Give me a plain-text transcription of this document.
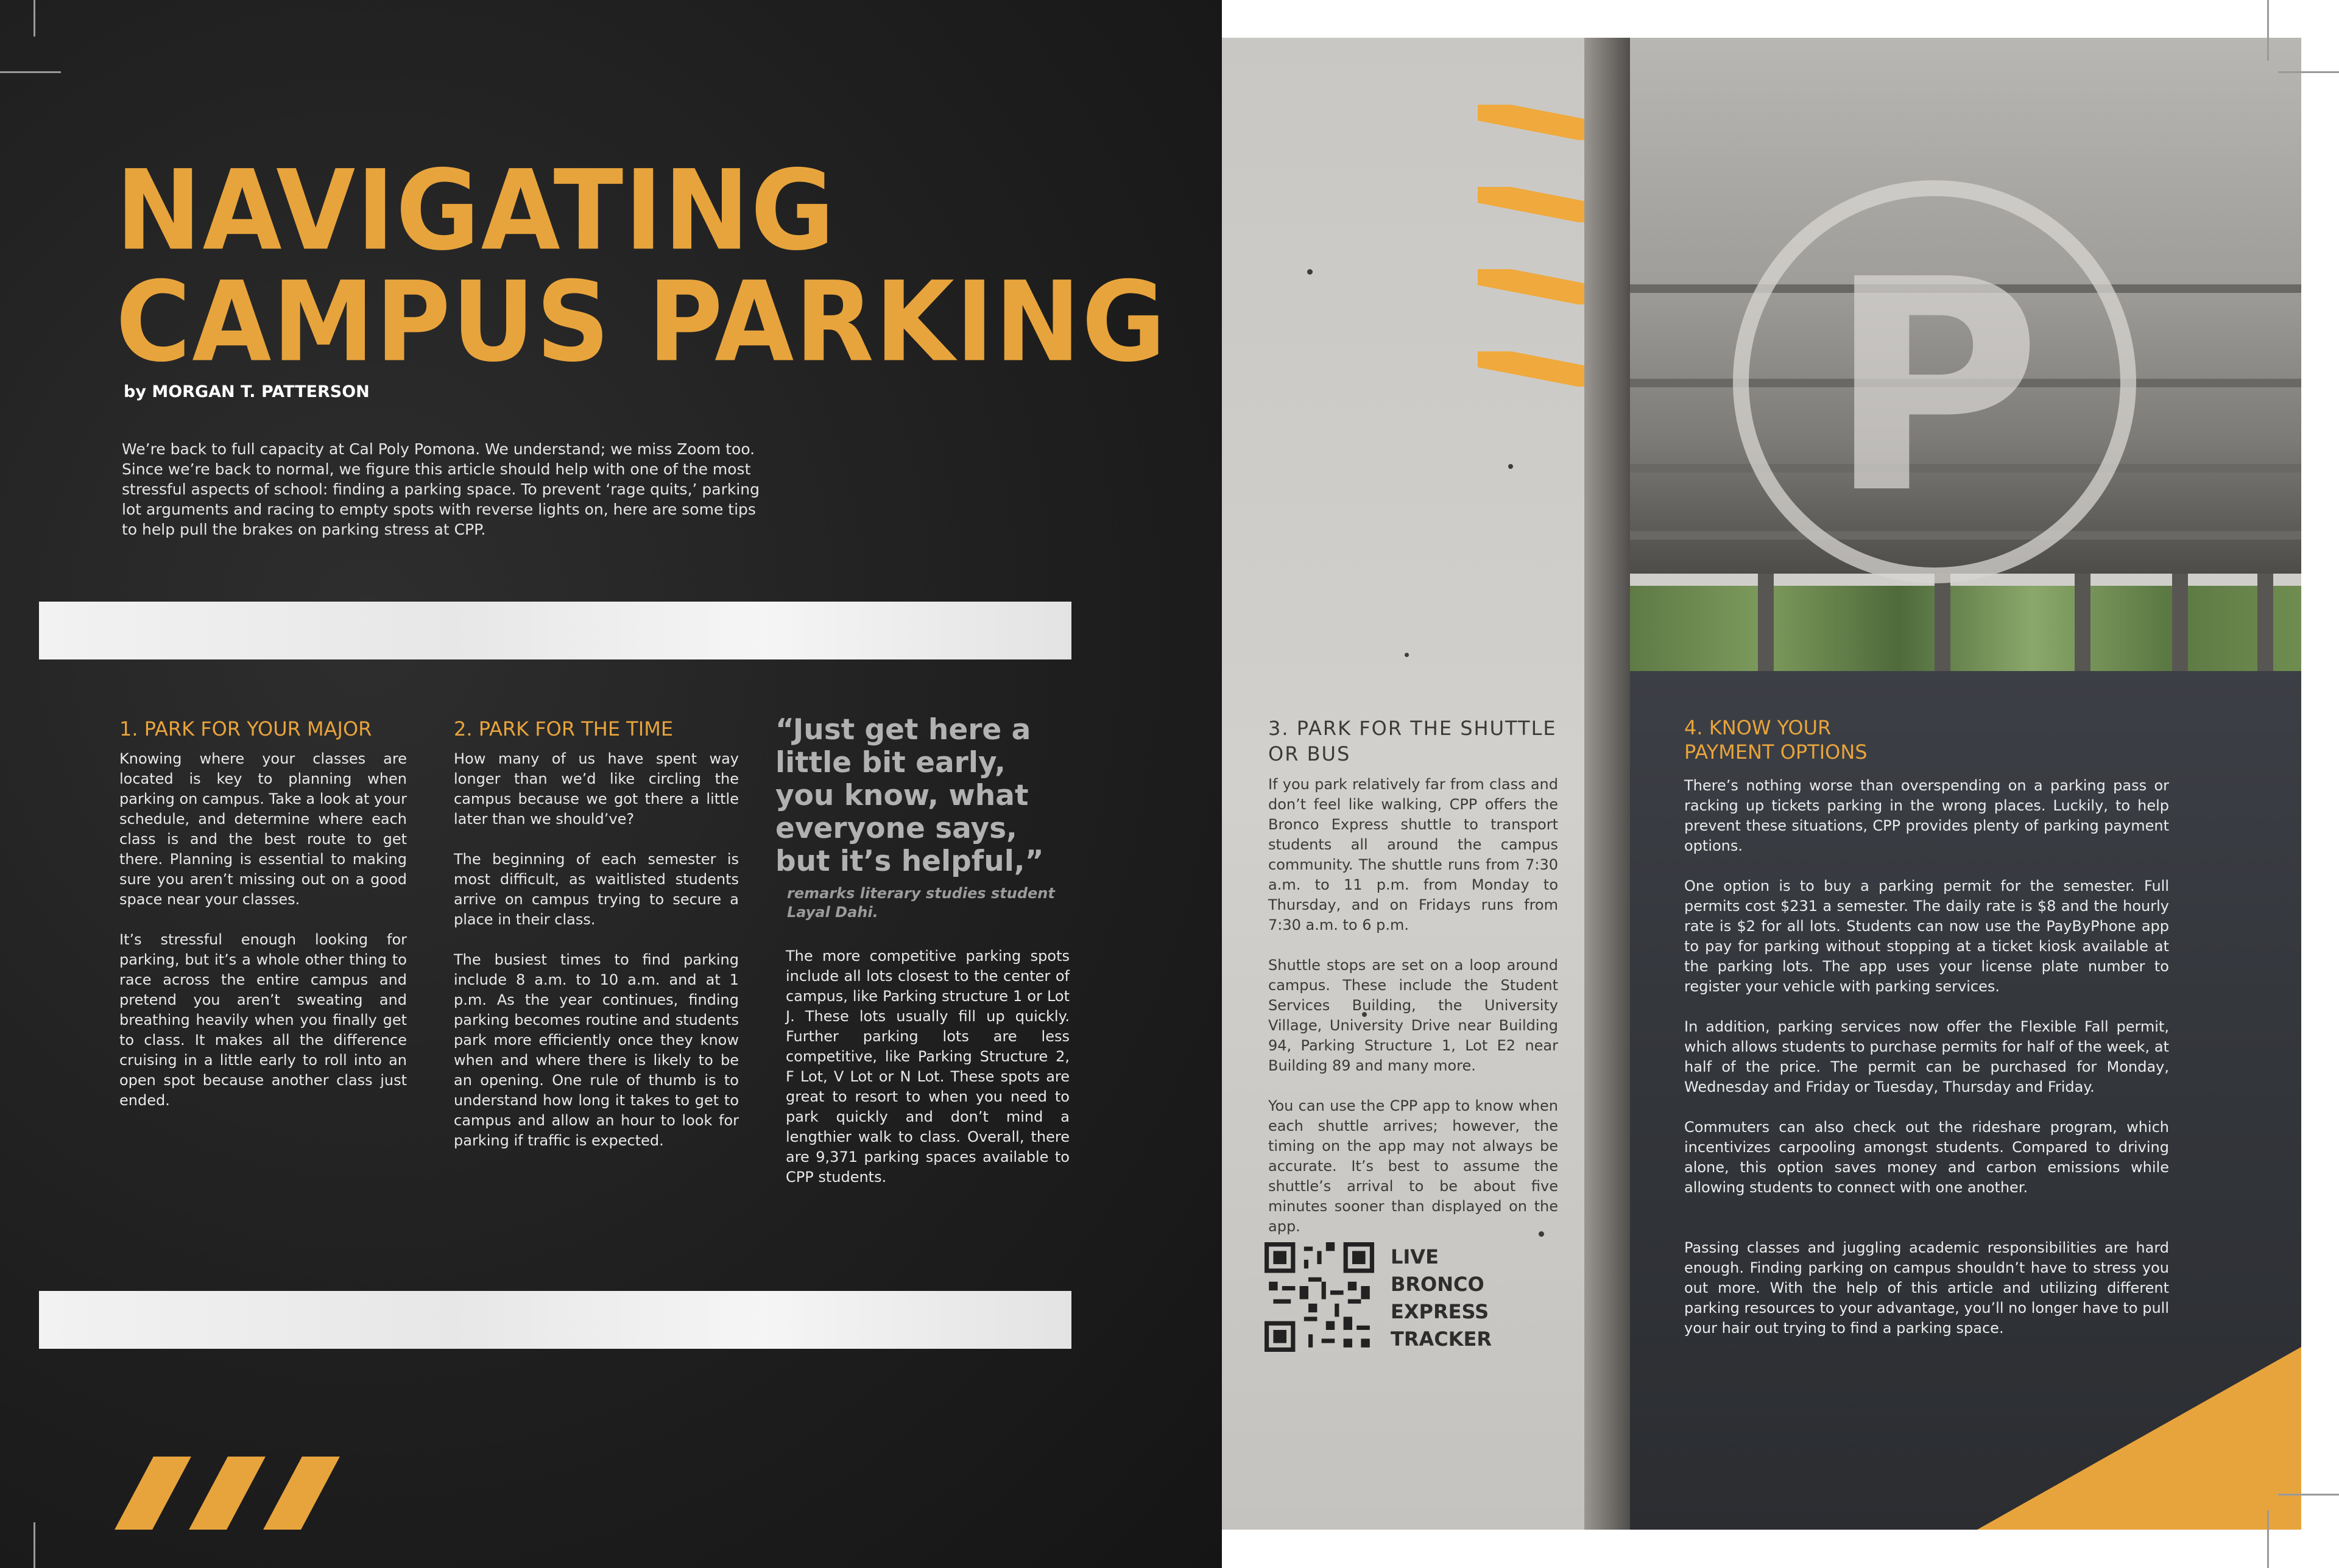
NAVIGATING
CAMPUS PARKING
by MORGAN T. PATTERSON
We’re back to full capacity at Cal Poly Pomona. We understand; we miss Zoom too. Since we’re back to normal, we figure this article should help with one of the most stressful aspects of school: finding a parking space. To prevent ‘rage quits,’ parking lot arguments and racing to empty spots with reverse lights on, here are some tips to help pull the brakes on parking stress at CPP.
1. PARK FOR YOUR MAJOR

Knowing where your classes are located is key to planning when parking on campus. Take a look at your schedule, and determine where each class is and the best route to get there. Planning is essential to making sure you aren’t missing out on a good space near your classes.

It’s stressful enough looking for parking, but it’s a whole other thing to race across the entire campus and pretend you aren’t sweating and breathing heavily when you finally get to class. It makes all the difference cruising in a little early to roll into an open spot because another class just ended.

2. PARK FOR THE TIME

How many of us have spent way longer than we’d like circling the campus because we got there a little later than we should’ve?

The beginning of each semester is most difficult, as waitlisted students arrive on campus trying to secure a place in their class.

The busiest times to find parking include 8 a.m. to 10 a.m. and at 1 p.m. As the year continues, finding parking becomes routine and students park more efficiently once they know when and where there is likely to be an opening. One rule of thumb is to understand how long it takes to get to campus and allow an hour to look for parking if traffic is expected.

“Just get here a little bit early, you know, what everyone says, but it’s helpful,”
remarks literary studies student Layal Dahi.

The more competitive parking spots include all lots closest to the center of campus, like Parking structure 1 or Lot J. These lots usually fill up quickly. Further parking lots are less competitive, like Parking Structure 2, F Lot, V Lot or N Lot. These spots are great to resort to when you need to park quickly and don’t mind a lengthier walk to class. Overall, there are 9,371 parking spaces available to CPP students.

P
3. PARK FOR THE SHUTTLE OR BUS

If you park relatively far from class and don’t feel like walking, CPP offers the Bronco Express shuttle to transport students all around the campus community. The shuttle runs from 7:30 a.m. to 11 p.m. from Monday to Thursday, and on Fridays runs from 7:30 a.m. to 6 p.m.

Shuttle stops are set on a loop around campus. These include the Student Services Building, the University Village, University Drive near Building 94, Parking Structure 1, Lot E2 near Building 89 and many more.

You can use the CPP app to know when each shuttle arrives; however, the timing on the app may not always be accurate. It’s best to assume the shuttle’s arrival to be about five minutes sooner than displayed on the app.

LIVE
BRONCO
EXPRESS
TRACKER
4. KNOW YOUR
PAYMENT OPTIONS

There’s nothing worse than overspending on a parking pass or racking up tickets parking in the wrong places. Luckily, to help prevent these situations, CPP provides plenty of parking payment options.

One option is to buy a parking permit for the semester. Full permits cost $231 a semester. The daily rate is $8 and the hourly rate is $2 for all lots. Students can now use the PayByPhone app to pay for parking without stopping at a ticket kiosk available at the parking lots. The app uses your license plate number to register your vehicle with parking services.

In addition, parking services now offer the Flexible Fall permit, which allows students to purchase permits for half of the week, at half of the price. The permit can be purchased for Monday, Wednesday and Friday or Tuesday, Thursday and Friday.

Commuters can also check out the rideshare program, which incentivizes carpooling amongst students. Compared to driving alone, this option saves money and carbon emissions while allowing students to connect with one another.

Passing classes and juggling academic responsibilities are hard enough. Finding parking on campus shouldn’t have to stress you out more. With the help of this article and utilizing different parking resources to your advantage, you’ll no longer have to pull your hair out trying to find a parking space.
